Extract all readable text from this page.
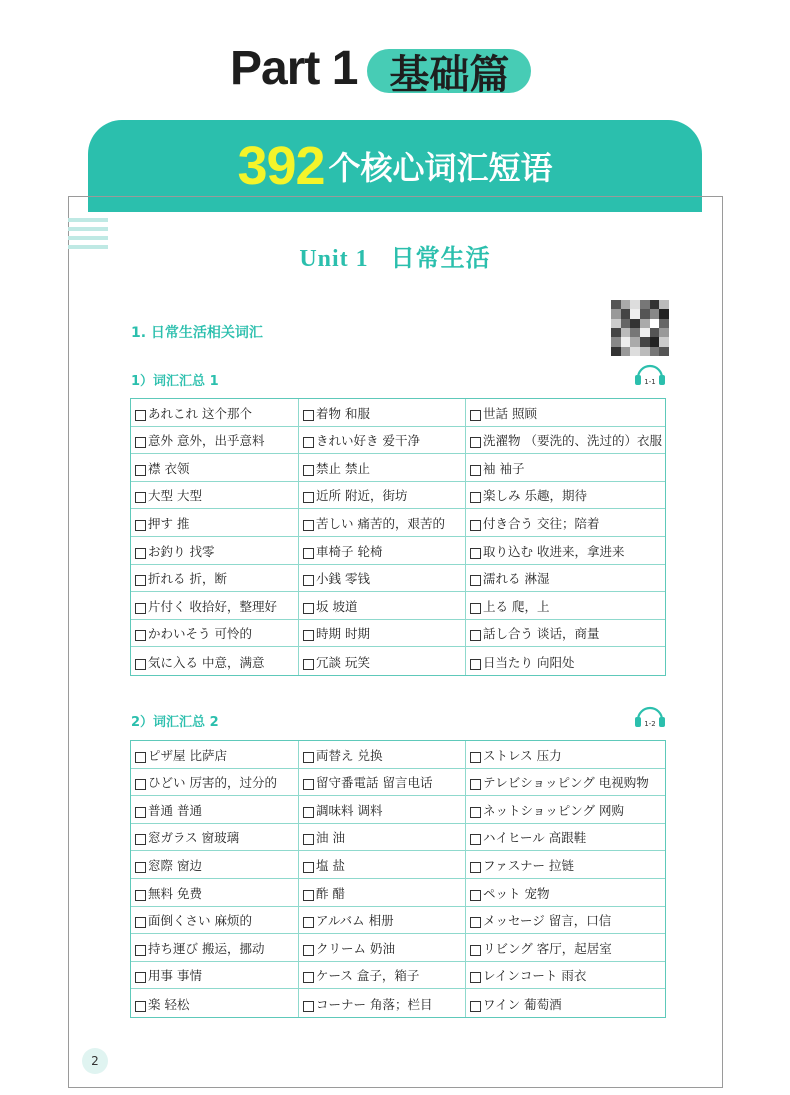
Part 1 基础篇
392 个核心词汇短语
Unit 1 日常生活
1. 日常生活相关词汇
1）词汇汇总 1	1-1
あれこれ 这个那个	着物 和服	世話 照顾
意外 意外，出乎意料	きれい好き 爱干净	洗濯物 （要洗的、洗过的）衣服
襟 衣领	禁止 禁止	袖 袖子
大型 大型	近所 附近，街坊	楽しみ 乐趣，期待
押す 推	苦しい 痛苦的，艰苦的	付き合う 交往；陪着
お釣り 找零	車椅子 轮椅	取り込む 收进来，拿进来
折れる 折，断	小銭 零钱	濡れる 淋湿
片付く 收拾好，整理好	坂 坡道	上る 爬，上
かわいそう 可怜的	時期 时期	話し合う 谈话，商量
気に入る 中意，满意	冗談 玩笑	日当たり 向阳处
2）词汇汇总 2	1-2
ピザ屋 比萨店	両替え 兑换	ストレス 压力
ひどい 厉害的，过分的	留守番電話 留言电话	テレビショッピング 电视购物
普通 普通	調味料 调料	ネットショッピング 网购
窓ガラス 窗玻璃	油 油	ハイヒール 高跟鞋
窓際 窗边	塩 盐	ファスナー 拉链
無料 免费	酢 醋	ペット 宠物
面倒くさい 麻烦的	アルバム 相册	メッセージ 留言，口信
持ち運び 搬运，挪动	クリーム 奶油	リビング 客厅，起居室
用事 事情	ケース 盒子，箱子	レインコート 雨衣
楽 轻松	コーナー 角落；栏目	ワイン 葡萄酒
2
